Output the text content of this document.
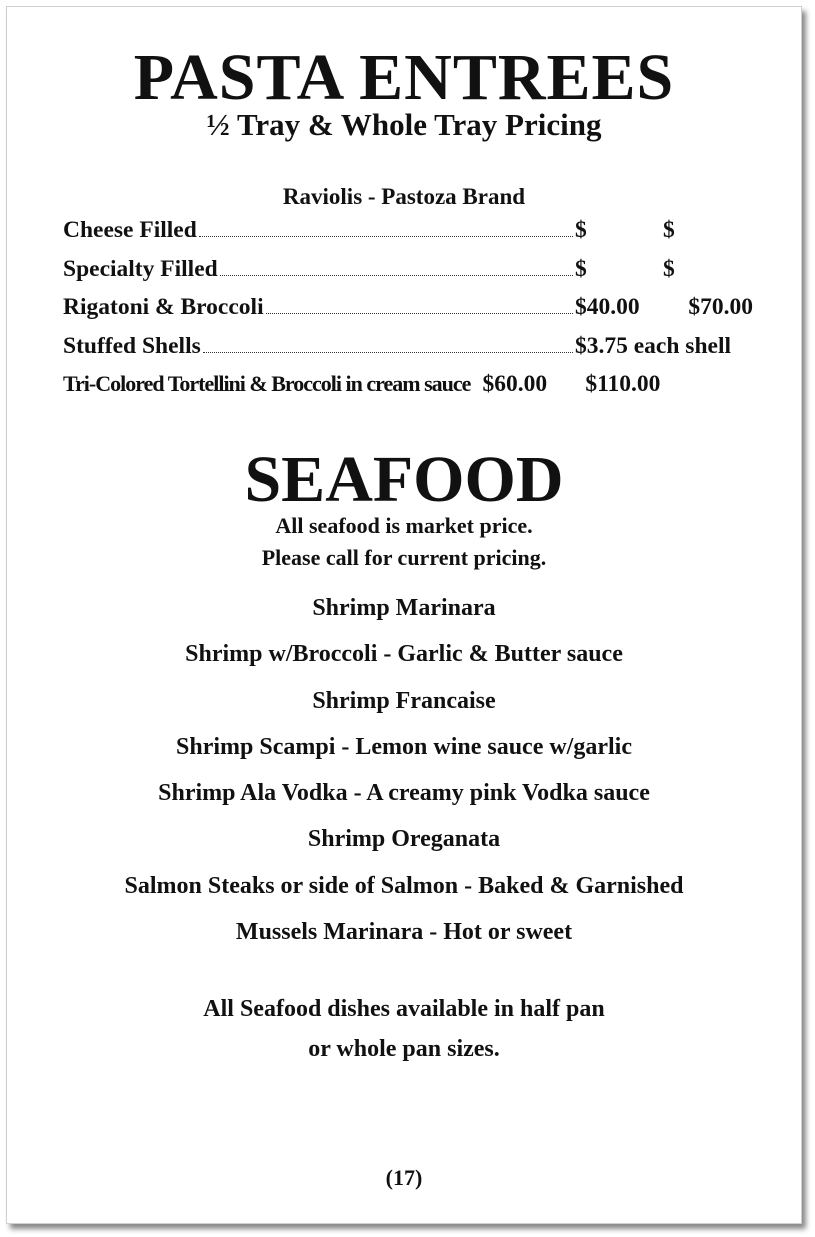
PASTA ENTREES
½ Tray & Whole Tray Pricing
Raviolis - Pastoza Brand
Cheese Filled	$	$
Specialty Filled	$	$
Rigatoni & Broccoli	$40.00	$70.00
Stuffed Shells	$3.75 each shell
Tri-Colored Tortellini & Broccoli in cream sauce $60.00	$110.00
SEAFOOD
All seafood is market price.
Please call for current pricing.
Shrimp Marinara
Shrimp w/Broccoli - Garlic & Butter sauce
Shrimp Francaise
Shrimp Scampi - Lemon wine sauce w/garlic
Shrimp Ala Vodka - A creamy pink Vodka sauce
Shrimp Oreganata
Salmon Steaks or side of Salmon - Baked & Garnished
Mussels Marinara - Hot or sweet
All Seafood dishes available in half pan
or whole pan sizes.
(17)
